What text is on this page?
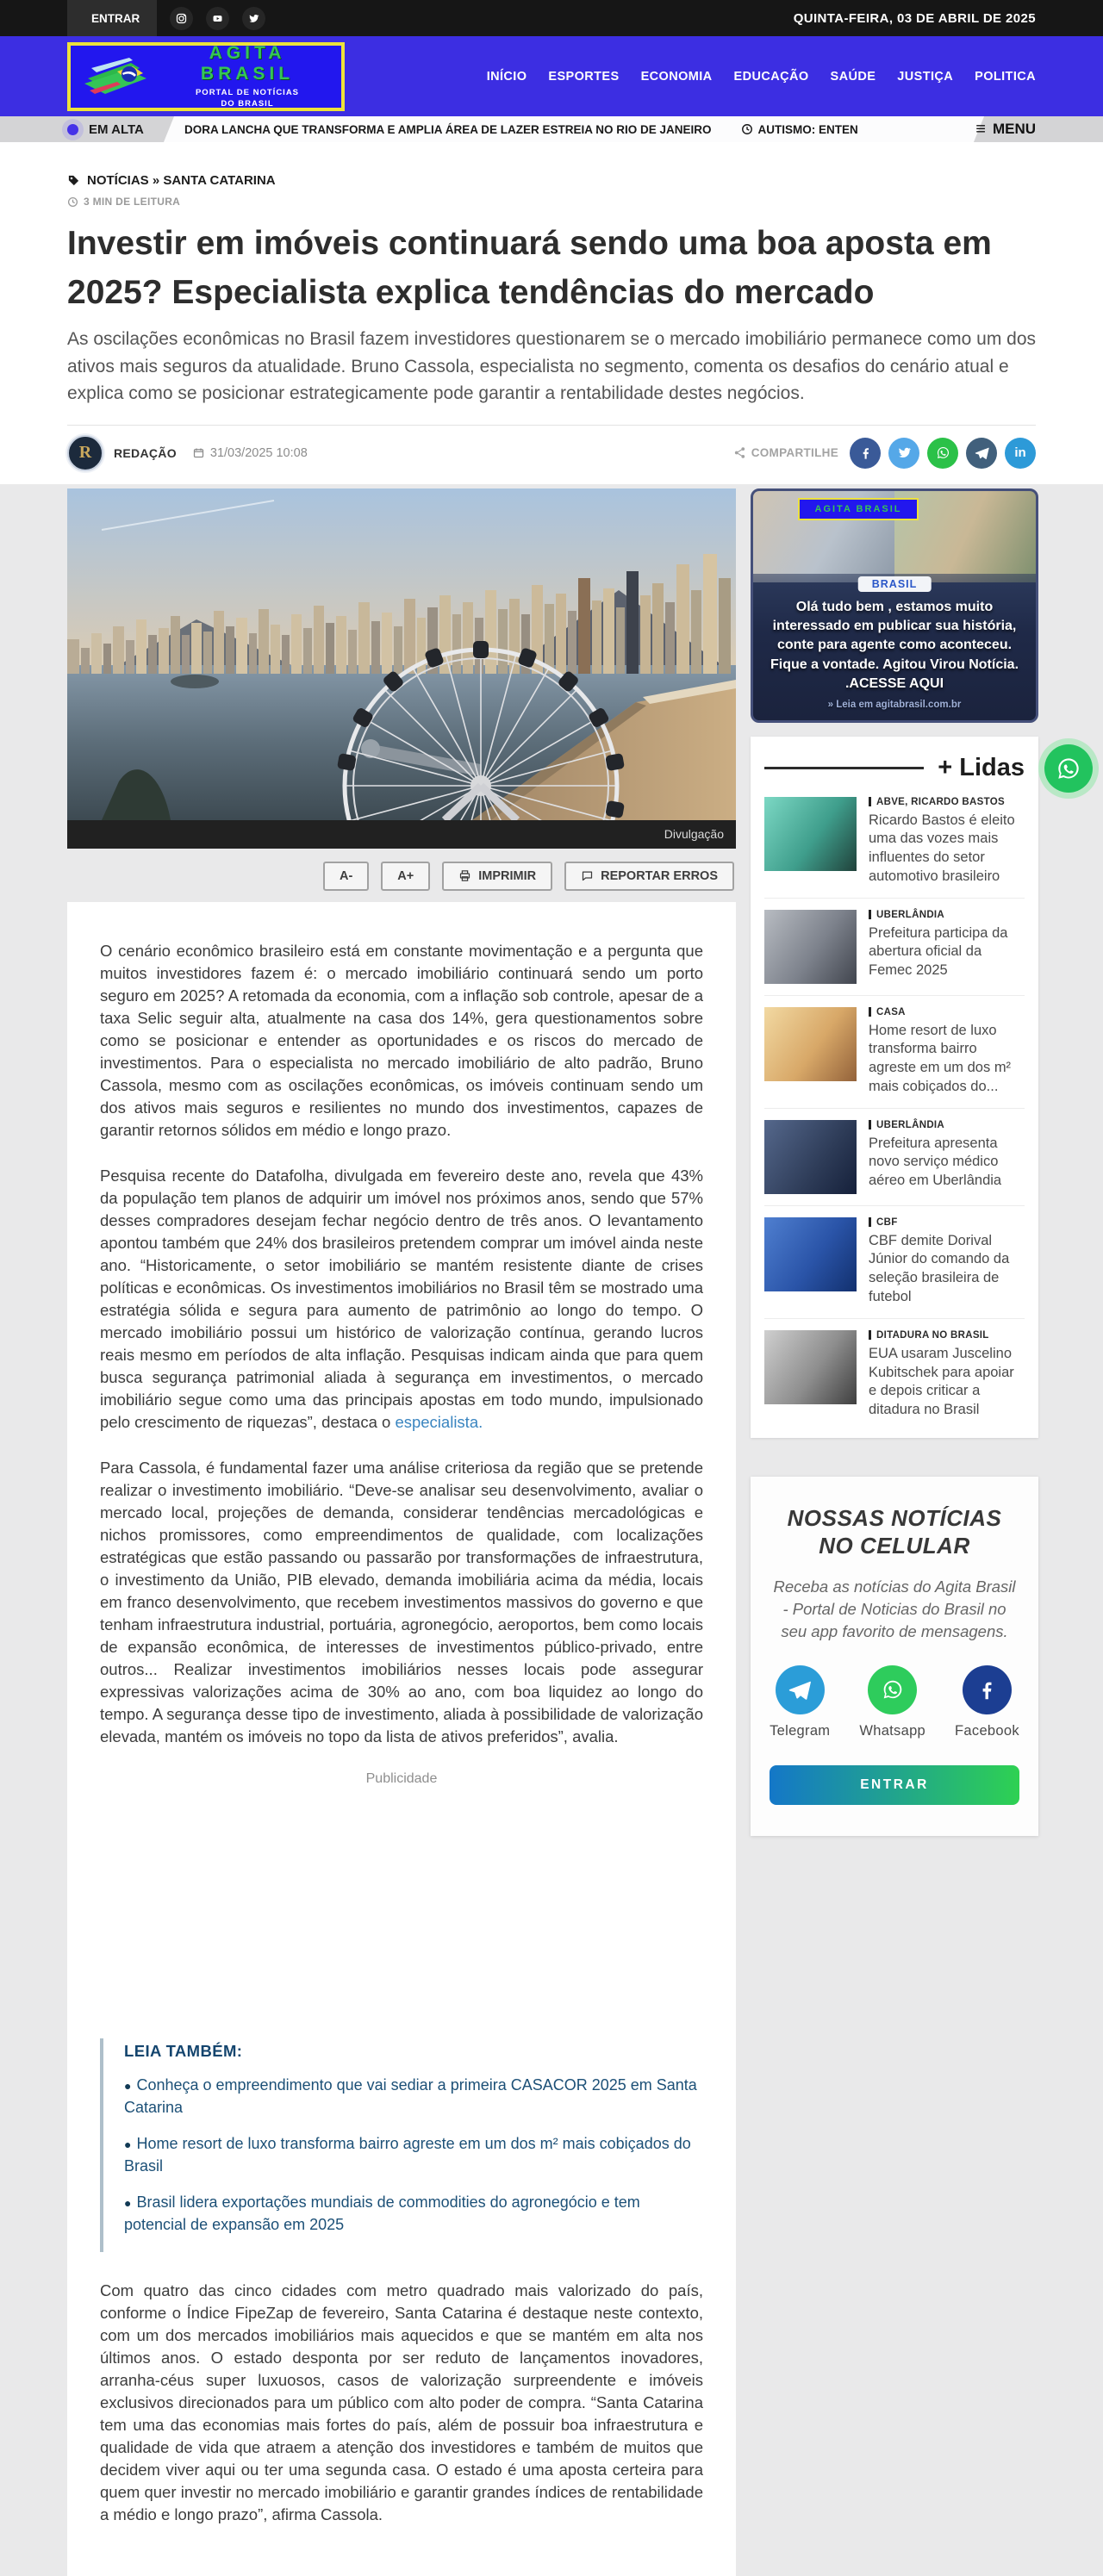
ENTRAR	QUINTA-FEIRA, 03 DE ABRIL DE 2025
AGITA
BRASIL
PORTAL DE NOTÍCIAS
DO BRASIL
INÍCIO ESPORTES ECONOMIA EDUCAÇÃO SAÚDE JUSTIÇA POLITICA
EM ALTA	DORA LANCHA QUE TRANSFORMA E AMPLIA ÁREA DE LAZER ESTREIA NO RIO DE JANEIRO	AUTISMO: ENTEN	≡ MENU
NOTÍCIAS » SANTA CATARINA
3 MIN DE LEITURA
Investir em imóveis continuará sendo uma boa aposta em 2025? Especialista explica tendências do mercado

As oscilações econômicas no Brasil fazem investidores questionarem se o mercado imobiliário permanece como um dos ativos mais seguros da atualidade. Bruno Cassola, especialista no segmento, comenta os desafios do cenário atual e explica como se posicionar estrategicamente pode garantir a rentabilidade destes negócios.

R	REDAÇÃO	31/03/2025 10:08	COMPARTILHE	in
Divulgação
A-	A+	IMPRIMIR	REPORTAR ERROS

O cenário econômico brasileiro está em constante movimentação e a pergunta que muitos investidores fazem é: o mercado imobiliário continuará sendo um porto seguro em 2025? A retomada da economia, com a inflação sob controle, apesar de a taxa Selic seguir alta, atualmente na casa dos 14%, gera questionamentos sobre como se posicionar e entender as oportunidades e os riscos do mercado de investimentos. Para o especialista no mercado imobiliário de alto padrão, Bruno Cassola, mesmo com as oscilações econômicas, os imóveis continuam sendo um dos ativos mais seguros e resilientes no mundo dos investimentos, capazes de garantir retornos sólidos em médio e longo prazo.

Pesquisa recente do Datafolha, divulgada em fevereiro deste ano, revela que 43% da população tem planos de adquirir um imóvel nos próximos anos, sendo que 57% desses compradores desejam fechar negócio dentro de três anos. O levantamento apontou também que 24% dos brasileiros pretendem comprar um imóvel ainda neste ano. “Historicamente, o setor imobiliário se mantém resistente diante de crises políticas e econômicas. Os investimentos imobiliários no Brasil têm se mostrado uma estratégia sólida e segura para aumento de patrimônio ao longo do tempo. O mercado imobiliário possui um histórico de valorização contínua, gerando lucros reais mesmo em períodos de alta inflação. Pesquisas indicam ainda que para quem busca segurança patrimonial aliada à segurança em investimentos, o mercado imobiliário segue como uma das principais apostas em todo mundo, impulsionado pelo crescimento de riquezas”, destaca o especialista.

Para Cassola, é fundamental fazer uma análise criteriosa da região que se pretende realizar o investimento imobiliário. “Deve-se analisar seu desenvolvimento, avaliar o mercado local, projeções de demanda, considerar tendências mercadológicas e nichos promissores, como empreendimentos de qualidade, com localizações estratégicas que estão passando ou passarão por transformações de infraestrutura, o investimento da União, PIB elevado, demanda imobiliária acima da média, locais em franco desenvolvimento, que recebem investimentos massivos do governo e que tenham infraestrutura industrial, portuária, agronegócio, aeroportos, bem como locais de expansão econômica, de interesses de investimentos público-privado, entre outros... Realizar investimentos imobiliários nesses locais pode assegurar expressivas valorizações acima de 30% ao ano, com boa liquidez ao longo do tempo. A segurança desse tipo de investimento, aliada à possibilidade de valorização elevada, mantém os imóveis no topo da lista de ativos preferidos”, avalia.

Publicidade
LEIA TAMBÉM:
● Conheça o empreendimento que vai sediar a primeira CASACOR 2025 em Santa Catarina
● Home resort de luxo transforma bairro agreste em um dos m² mais cobiçados do Brasil
● Brasil lidera exportações mundiais de commodities do agronegócio e tem potencial de expansão em 2025

Com quatro das cinco cidades com metro quadrado mais valorizado do país, conforme o Índice FipeZap de fevereiro, Santa Catarina é destaque neste contexto, com um dos mercados imobiliários mais aquecidos e que se mantém em alta nos últimos anos. O estado desponta por ser reduto de lançamentos inovadores, arranha-céus super luxuosos, casos de valorização surpreendente e imóveis exclusivos direcionados para um público com alto poder de compra. “Santa Catarina tem uma das economias mais fortes do país, além de possuir boa infraestrutura e qualidade de vida que atraem a atenção dos investidores e também de muitos que decidem viver aqui ou ter uma segunda casa. O estado é uma aposta certeira para quem quer investir no mercado imobiliário e garantir grandes índices de rentabilidade a médio e longo prazo”, afirma Cassola.

AGITA BRASIL
BRASIL
Olá tudo bem , estamos muito interessado em publicar sua história, conte para agente como aconteceu. Fique a vontade. Agitou Virou Notícia. .ACESSE AQUI
» Leia em agitabrasil.com.br
+ Lidas
ABVE, RICARDO BASTOS
Ricardo Bastos é eleito uma das vozes mais influentes do setor automotivo brasileiro
UBERLÂNDIA
Prefeitura participa da abertura oficial da Femec 2025
CASA
Home resort de luxo transforma bairro agreste em um dos m² mais cobiçados do...
UBERLÂNDIA
Prefeitura apresenta novo serviço médico aéreo em Uberlândia
CBF
CBF demite Dorival Júnior do comando da seleção brasileira de futebol
DITADURA NO BRASIL
EUA usaram Juscelino Kubitschek para apoiar e depois criticar a ditadura no Brasil
NOSSAS NOTÍCIAS NO CELULAR

Receba as notícias do Agita Brasil - Portal de Noticias do Brasil no seu app favorito de mensagens.

Telegram Whatsapp Facebook
ENTRAR
